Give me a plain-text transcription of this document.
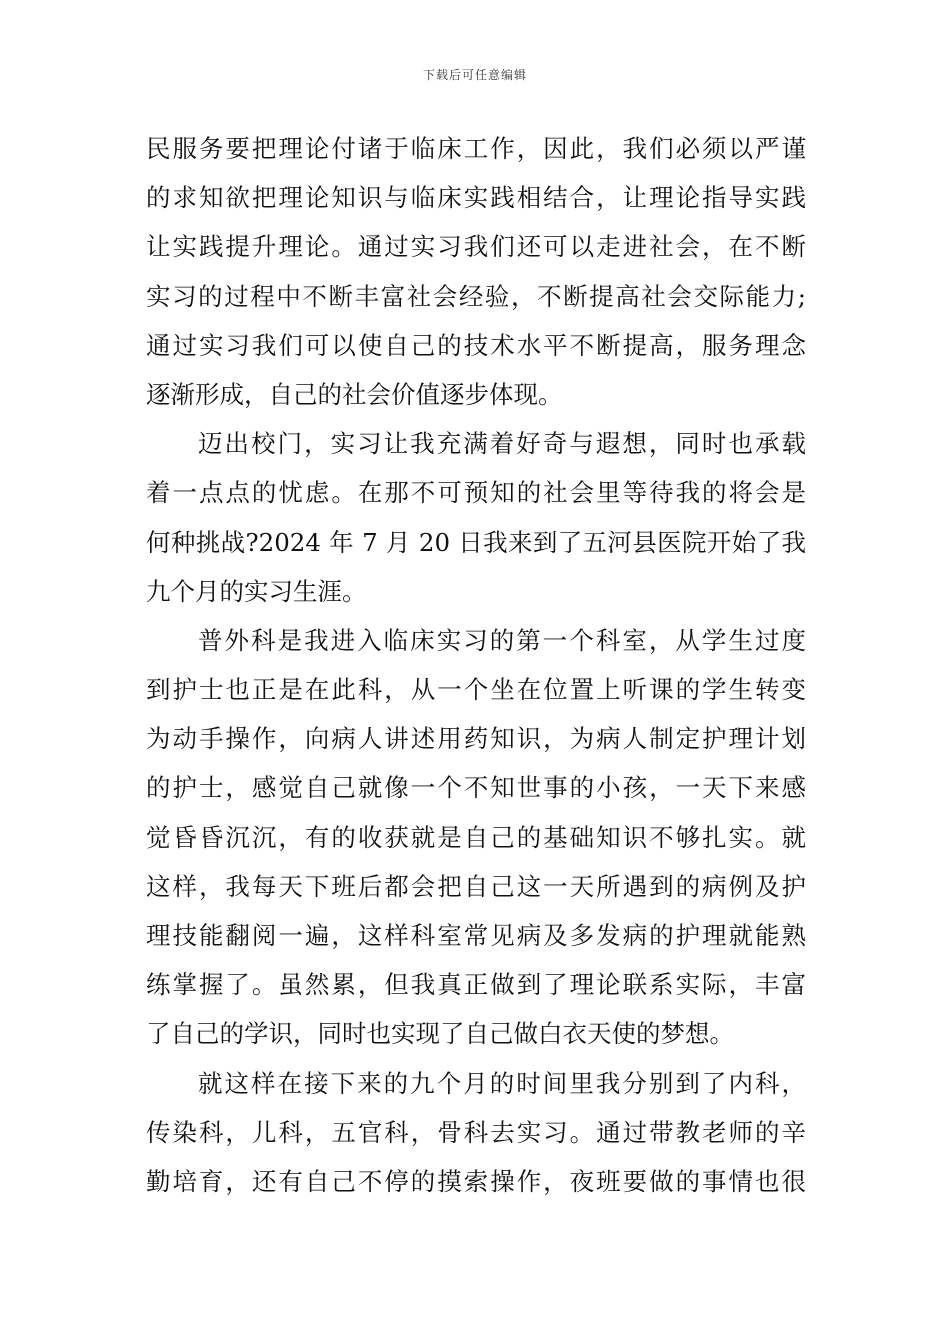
下载后可任意编辑
民服务要把理论付诸于临床工作，因此，我们必须以严谨
的求知欲把理论知识与临床实践相结合，让理论指导实践
让实践提升理论。通过实习我们还可以走进社会，在不断
实习的过程中不断丰富社会经验，不断提高社会交际能力;
通过实习我们可以使自己的技术水平不断提高，服务理念
逐渐形成，自己的社会价值逐步体现。
迈出校门，实习让我充满着好奇与遐想，同时也承载
着一点点的忧虑。在那不可预知的社会里等待我的将会是
何种挑战?2024 年 7 月 20 日我来到了五河县医院开始了我
九个月的实习生涯。
普外科是我进入临床实习的第一个科室，从学生过度
到护士也正是在此科，从一个坐在位置上听课的学生转变
为动手操作，向病人讲述用药知识，为病人制定护理计划
的护士，感觉自己就像一个不知世事的小孩，一天下来感
觉昏昏沉沉，有的收获就是自己的基础知识不够扎实。就
这样，我每天下班后都会把自己这一天所遇到的病例及护
理技能翻阅一遍，这样科室常见病及多发病的护理就能熟
练掌握了。虽然累，但我真正做到了理论联系实际，丰富
了自己的学识，同时也实现了自己做白衣天使的梦想。
就这样在接下来的九个月的时间里我分别到了内科，
传染科，儿科，五官科，骨科去实习。通过带教老师的辛
勤培育，还有自己不停的摸索操作，夜班要做的事情也很
